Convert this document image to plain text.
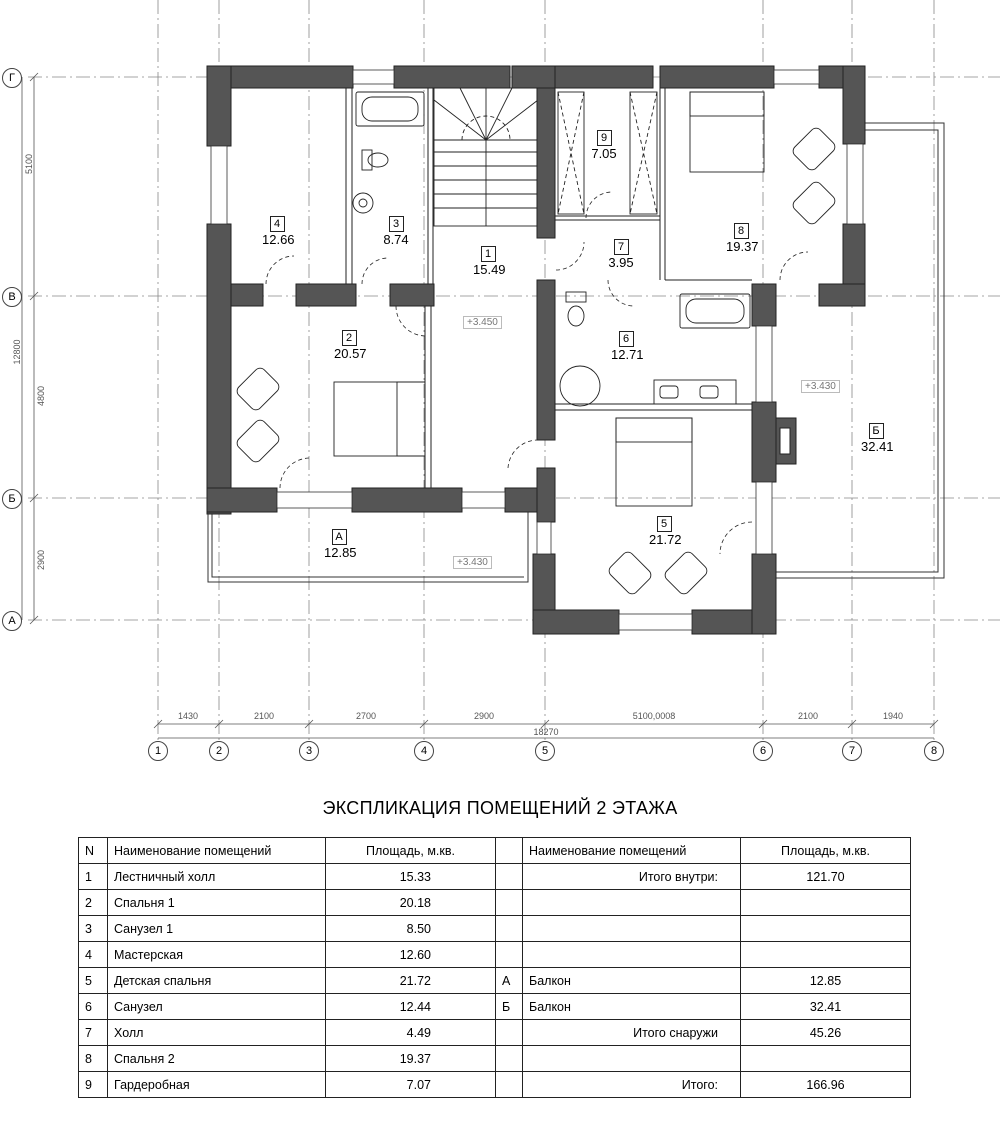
1
15.49
2
20.57
3
8.74
4
12.66
5
21.72
6
12.71
7
3.95
8
19.37
9
7.05
А
12.85
Б
32.41
+3.450
+3.430
+3.430
Г
В
Б
А
1	2	3	4	5	6	7	8
1430	2100	2700	2900	5100,0008	2100	1940
18270
5100
4800
2900
12800
ЭКСПЛИКАЦИЯ ПОМЕЩЕНИЙ 2 ЭТАЖА
N	Наименование помещений	Площадь, м.кв.		Наименование помещений	Площадь, м.кв.
1	Лестничный холл	15.33		Итого внутри:	121.70
2	Спальня 1	20.18			
3	Санузел 1	8.50			
4	Мастерская	12.60			
5	Детская спальня	21.72	А	Балкон	12.85
6	Санузел	12.44	Б	Балкон	32.41
7	Холл	4.49		Итого снаружи	45.26
8	Спальня 2	19.37			
9	Гардеробная	7.07		Итого:	166.96
